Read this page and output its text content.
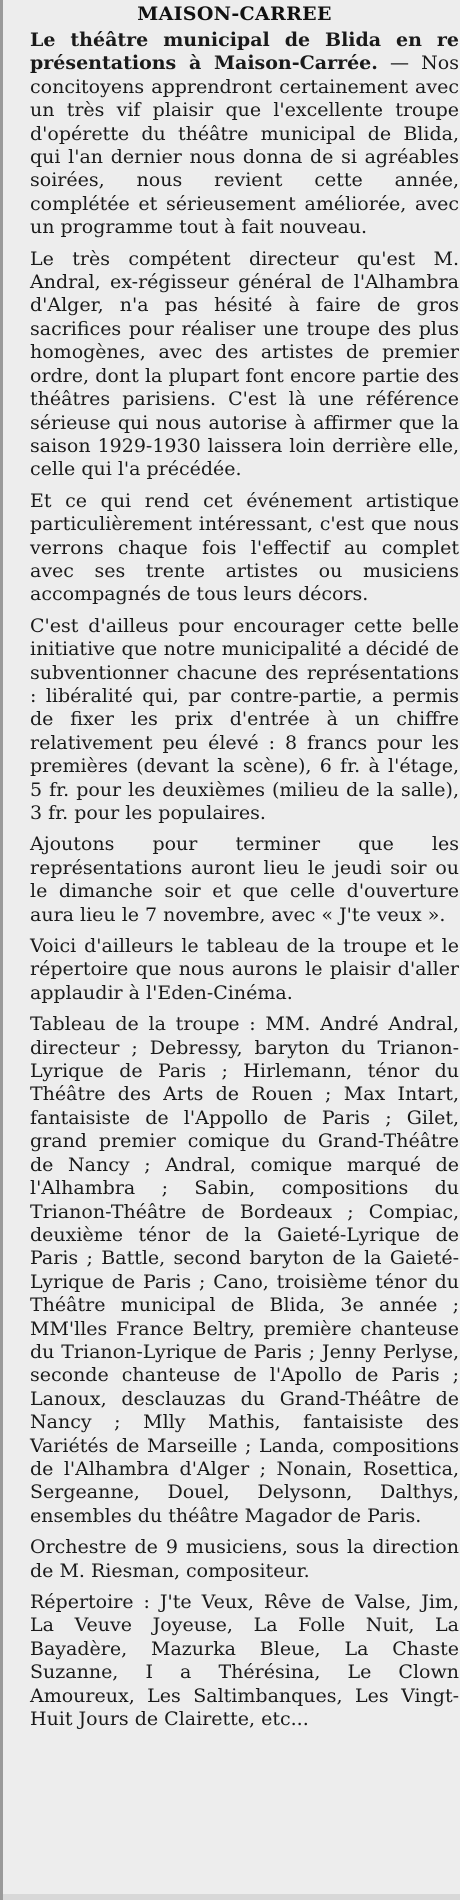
MAISON-CARREE

Le théâtre municipal de Blida en re présentations à Maison-Carrée. — Nos concitoyens apprendront certainement avec un très vif plaisir que l'excellente troupe d'opérette du théâtre municipal de Blida, qui l'an dernier nous donna de si agréables soirées, nous revient cette année, complétée et sérieusement améliorée, avec un programme tout à fait nouveau.

Le très compétent directeur qu'est M. Andral, ex-régisseur général de l'Alhambra d'Alger, n'a pas hésité à faire de gros sacrifices pour réaliser une troupe des plus homogènes, avec des artistes de premier ordre, dont la plupart font encore partie des théâtres parisiens. C'est là une référence sérieuse qui nous autorise à affirmer que la saison 1929-1930 laissera loin derrière elle, celle qui l'a précédée.

Et ce qui rend cet événement artistique particulièrement intéressant, c'est que nous verrons chaque fois l'effectif au complet avec ses trente artistes ou musiciens accompagnés de tous leurs décors.

C'est d'ailleus pour encourager cette belle initiative que notre municipalité a décidé de subventionner chacune des représentations : libéralité qui, par contre-partie, a permis de fixer les prix d'entrée à un chiffre relativement peu élevé : 8 francs pour les premières (devant la scène), 6 fr. à l'étage, 5 fr. pour les deuxièmes (milieu de la salle), 3 fr. pour les populaires.

Ajoutons pour terminer que les représentations auront lieu le jeudi soir ou le dimanche soir et que celle d'ouverture aura lieu le 7 novembre, avec « J'te veux ».

Voici d'ailleurs le tableau de la troupe et le répertoire que nous aurons le plaisir d'aller applaudir à l'Eden-Cinéma.

Tableau de la troupe : MM. André Andral, directeur ; Debressy, baryton du Trianon-Lyrique de Paris ; Hirlemann, ténor du Théâtre des Arts de Rouen ; Max Intart, fantaisiste de l'Appollo de Paris ; Gilet, grand premier comique du Grand-Théâtre de Nancy ; Andral, comique marqué de l'Alhambra ; Sabin, compositions du Trianon-Théâtre de Bordeaux ; Compiac, deuxième ténor de la Gaieté-Lyrique de Paris ; Battle, second baryton de la Gaieté-Lyrique de Paris ; Cano, troisième ténor du Théâtre municipal de Blida, 3e année ; MM'lles France Beltry, première chanteuse du Trianon-Lyrique de Paris ; Jenny Perlyse, seconde chanteuse de l'Apollo de Paris ; Lanoux, desclauzas du Grand-Théâtre de Nancy ; Mlly Mathis, fantaisiste des Variétés de Marseille ; Landa, compositions de l'Alhambra d'Alger ; Nonain, Rosettica, Sergeanne, Douel, Delysonn, Dalthys, ensembles du théâtre Magador de Paris.

Orchestre de 9 musiciens, sous la direction de M. Riesman, compositeur.

Répertoire : J'te Veux, Rêve de Valse, Jim, La Veuve Joyeuse, La Folle Nuit, La Bayadère, Mazurka Bleue, La Chaste Suzanne, I a Thérésina, Le Clown Amoureux, Les Saltimbanques, Les Vingt-Huit Jours de Clairette, etc...
